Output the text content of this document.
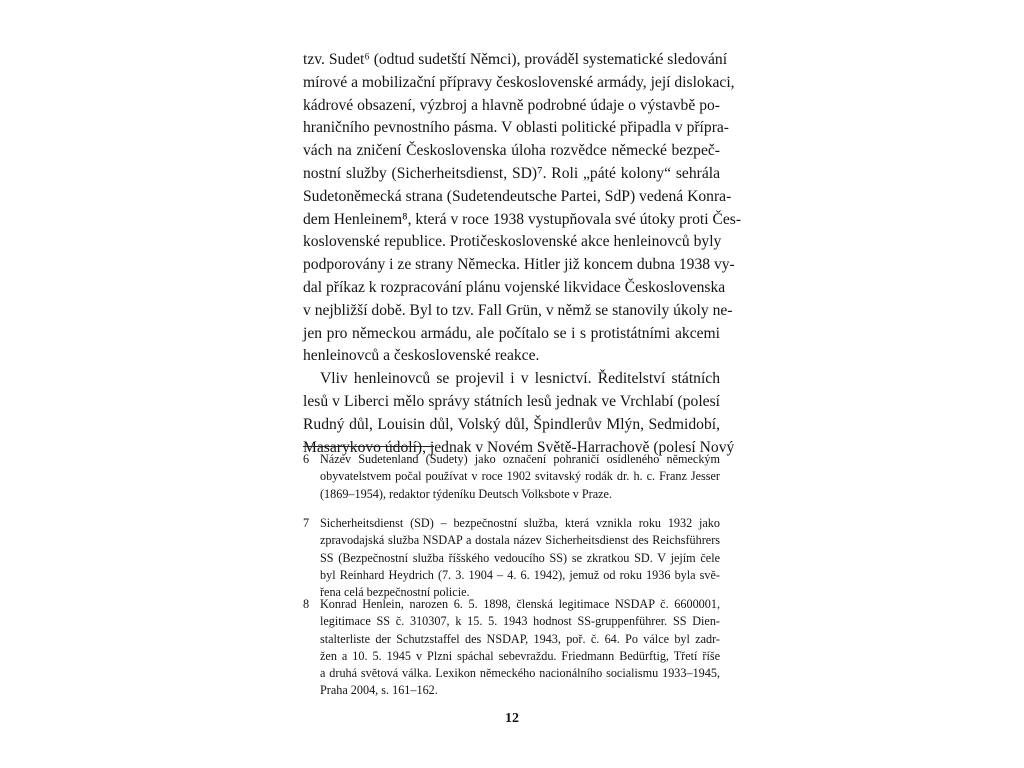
tzv. Sudet⁶ (odtud sudetští Němci), prováděl systematické sledování
mírové a mobilizační přípravy československé armády, její dislokaci,
kádrové obsazení, výzbroj a hlavně podrobné údaje o výstavbě po-
hraničního pevnostního pásma. V oblasti politické připadla v přípra-
vách na zničení Československa úloha rozvědce německé bezpeč-
nostní služby (Sicherheitsdienst, SD)⁷. Roli „páté kolony“ sehrála
Sudetoněmecká strana (Sudetendeutsche Partei, SdP) vedená Konra-
dem Henleinem⁸, která v roce 1938 vystupňovala své útoky proti Čes-
koslovenské republice. Protičeskoslovenské akce henleinovců byly
podporovány i ze strany Německa. Hitler již koncem dubna 1938 vy-
dal příkaz k rozpracování plánu vojenské likvidace Československa
v nejbližší době. Byl to tzv. Fall Grün, v němž se stanovily úkoly ne-
jen pro německou armádu, ale počítalo se i s protistátními akcemi
henleinovců a československé reakce.
Vliv henleinovců se projevil i v lesnictví. Ředitelství státních
lesů v Liberci mělo správy státních lesů jednak ve Vrchlabí (polesí
Rudný důl, Louisin důl, Volský důl, Špindlerův Mlýn, Sedmidobí,
Masarykovo údolí), jednak v Novém Světě-Harrachově (polesí Nový
6 Název Sudetenland (Sudety) jako označení pohraničí osídleného německým
obyvatelstvem počal používat v roce 1902 svitavský rodák dr. h. c. Franz Jesser
(1869–1954), redaktor týdeníku Deutsch Volksbote v Praze.
7 Sicherheitsdienst (SD) – bezpečnostní služba, která vznikla roku 1932 jako
zpravodajská služba NSDAP a dostala název Sicherheitsdienst des Reichsführers
SS (Bezpečnostní služba říšského vedoucího SS) se zkratkou SD. V jejím čele
byl Reinhard Heydrich (7. 3. 1904 – 4. 6. 1942), jemuž od roku 1936 byla svě-
řena celá bezpečnostní policie.
8 Konrad Henlein, narozen 6. 5. 1898, členská legitimace NSDAP č. 6600001,
legitimace SS č. 310307, k 15. 5. 1943 hodnost SS-gruppenführer. SS Dien-
stalterliste der Schutzstaffel des NSDAP, 1943, poř. č. 64. Po válce byl zadr-
žen a 10. 5. 1945 v Plzni spáchal sebevraždu. Friedmann Bedürftig, Třetí říše
a druhá světová válka. Lexikon německého nacionálního socialismu 1933–1945,
Praha 2004, s. 161–162.
12
